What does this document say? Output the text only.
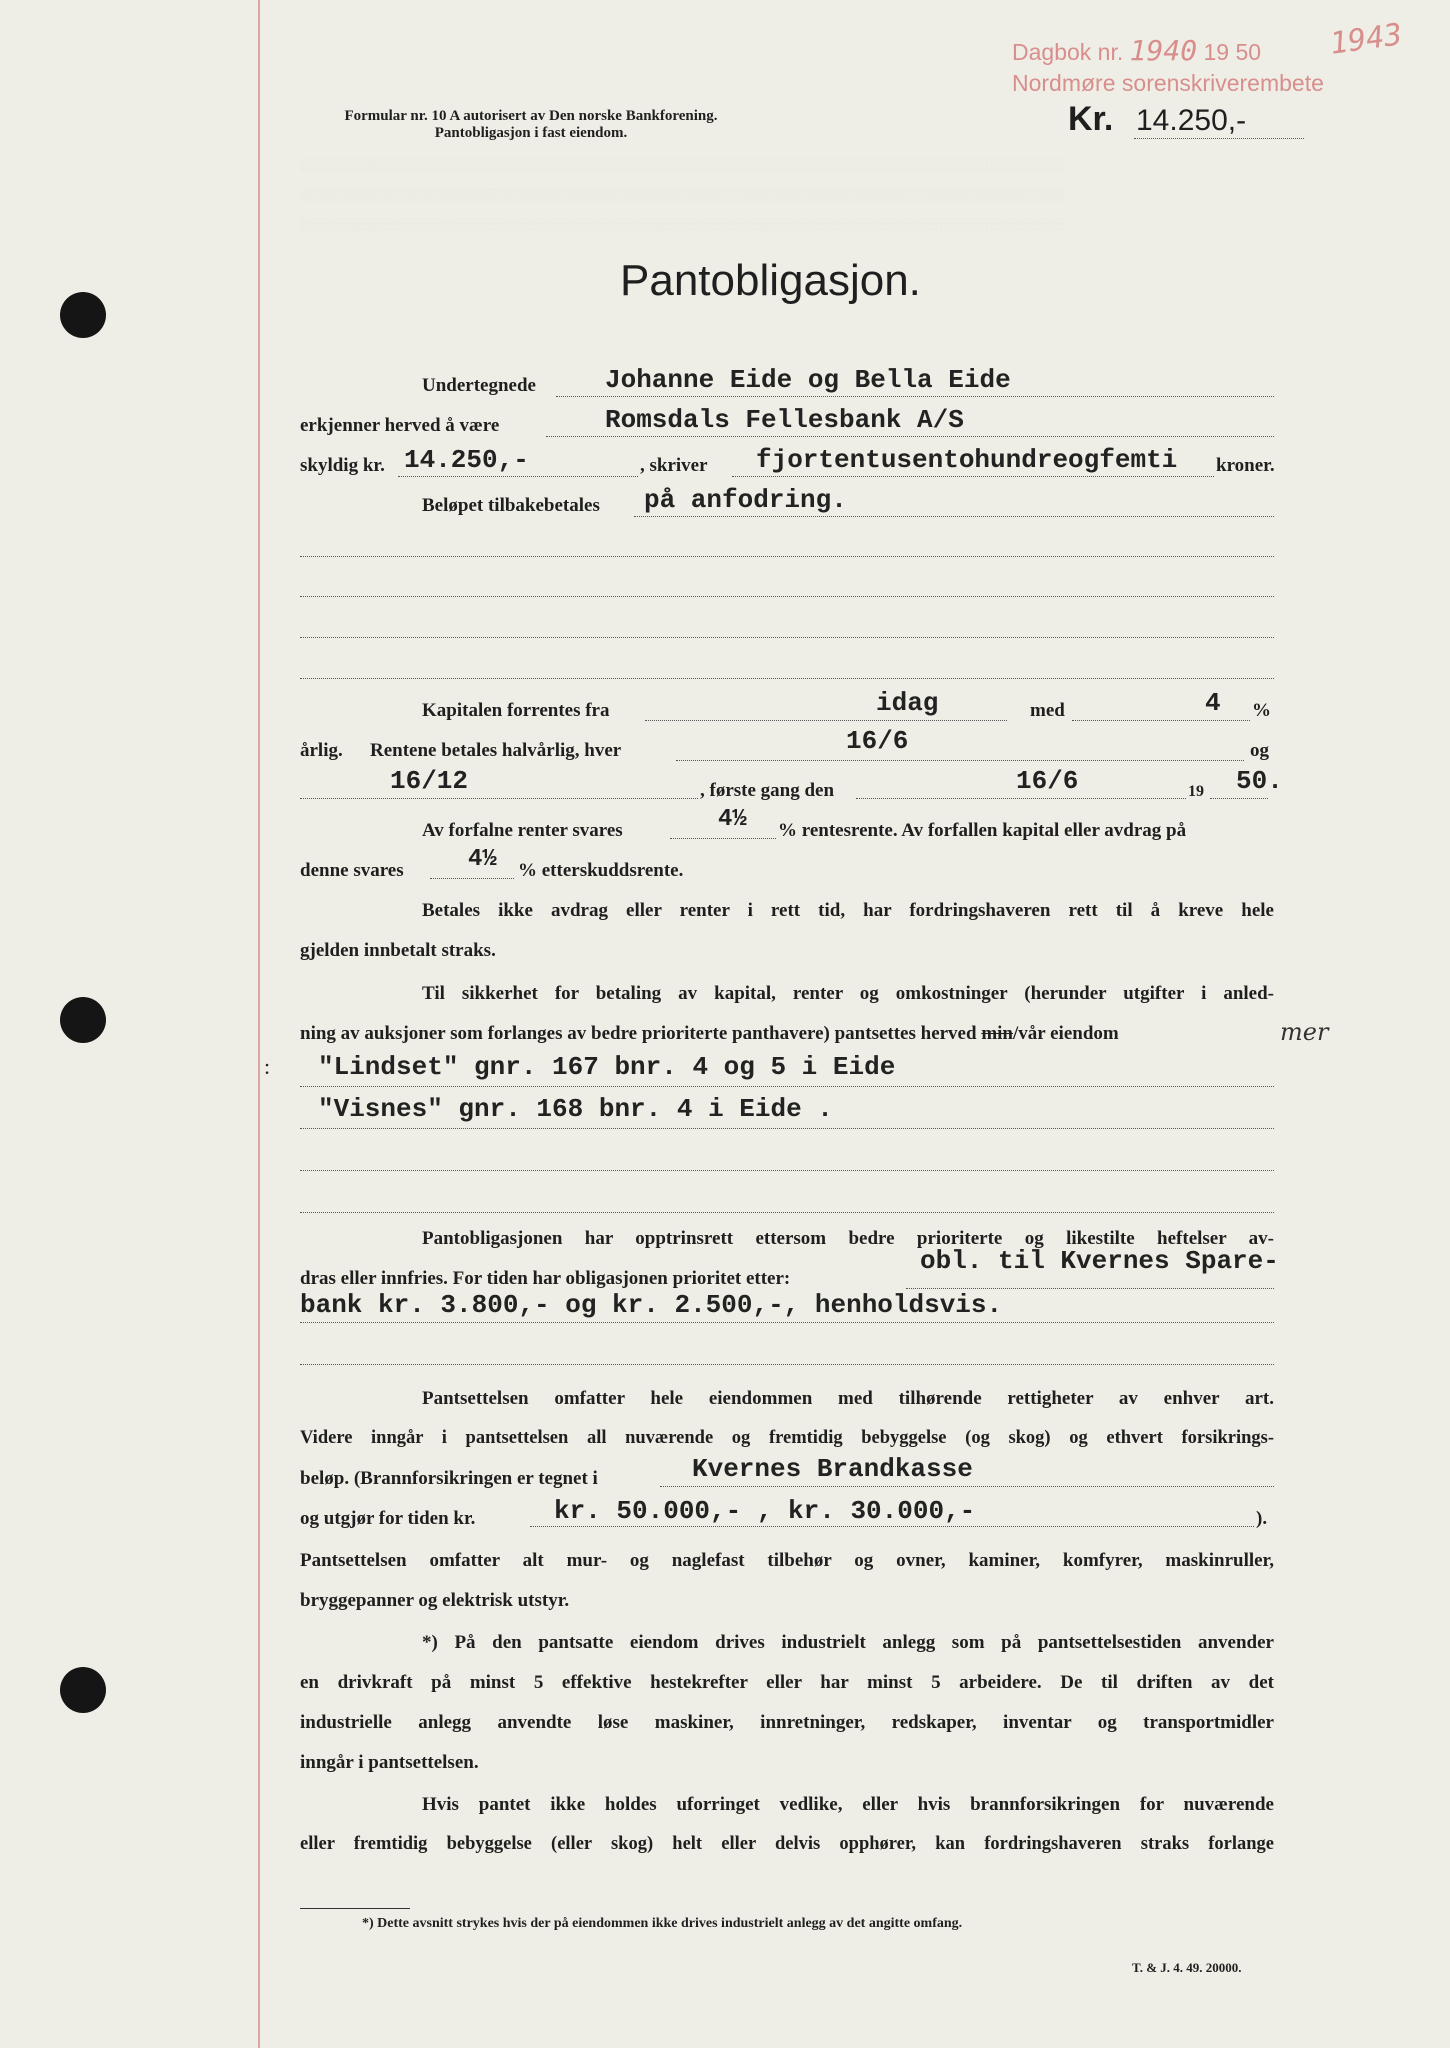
░░░░░░░░░░░░░░░░░░░░░░░░░░░░░░░░░░░░░░░░░░░░░░░░░░░░░░░░░░░░░░░░░░░░░░░░░░░░░░░░░░░
░░░░░░░░░░░░░░░░░░░░░░░░░░░░░░░░░░░░░░░░░░░░░░░░░░░░░░░░░░░░░░░░░░░░░░░░░░░░░░░░░░░
░░░░░░░░░░░░░░░░░░░░░░░░░░░░░░░░░░░░░░░░░░░░░░░░░░░░░░░░░░░░░░░░░░░░░░░░░░░░░░░░░░░
Dagbok nr. 1940 19 50 1943
Nordmøre sorenskriverembete
Formular nr. 10 A autorisert av Den norske Bankforening.
Pantobligasjon i fast eiendom.	Kr. 14.250,-
Pantobligasjon.
Undertegnede	Johanne Eide og Bella Eide
erkjenner herved å være	Romsdals Fellesbank A/S
skyldig kr. 14.250,-	, skriver fjortentusentohundreogfemti kroner.
Beløpet tilbakebetales på anfodring.
Kapitalen forrentes fra	idag	med	4 %
årlig. Rentene betales halvårlig, hver	16/6	og
16/12	, første gang den	16/6	19 50.
Av forfalne renter svares	4½ % rentesrente. Av forfallen kapital eller avdrag på
denne svares	4½ % etterskuddsrente.
Betales ikke avdrag eller renter i rett tid, har fordringshaveren rett til å kreve hele
gjelden innbetalt straks.
Til sikkerhet for betaling av kapital, renter og omkostninger (herunder utgifter i anled-
ning av auksjoner som forlanges av bedre prioriterte panthavere) pantsettes herved min/vår eiendom	mer
: "Lindset" gnr. 167 bnr. 4 og 5 i Eide
"Visnes" gnr. 168 bnr. 4 i Eide .
Pantobligasjonen har opptrinsrett ettersom bedre prioriterte og likestilte heftelser av-
dras eller innfries. For tiden har obligasjonen prioritet etter:
obl. til Kvernes Spare-
bank kr. 3.800,- og kr. 2.500,-, henholdsvis.
Pantsettelsen omfatter hele eiendommen med tilhørende rettigheter av enhver art.
Videre inngår i pantsettelsen all nuværende og fremtidig bebyggelse (og skog) og ethvert forsikrings-
beløp. (Brannforsikringen er tegnet i	Kvernes Brandkasse
og utgjør for tiden kr.	kr. 50.000,- , kr. 30.000,-	).
Pantsettelsen omfatter alt mur- og naglefast tilbehør og ovner, kaminer, komfyrer, maskinruller,
bryggepanner og elektrisk utstyr.
*) På den pantsatte eiendom drives industrielt anlegg som på pantsettelsestiden anvender
en drivkraft på minst 5 effektive hestekrefter eller har minst 5 arbeidere. De til driften av det
industrielle anlegg anvendte løse maskiner, innretninger, redskaper, inventar og transportmidler
inngår i pantsettelsen.
Hvis pantet ikke holdes uforringet vedlike, eller hvis brannforsikringen for nuværende
eller fremtidig bebyggelse (eller skog) helt eller delvis opphører, kan fordringshaveren straks forlange
*) Dette avsnitt strykes hvis der på eiendommen ikke drives industrielt anlegg av det angitte omfang.
T. & J. 4. 49. 20000.
